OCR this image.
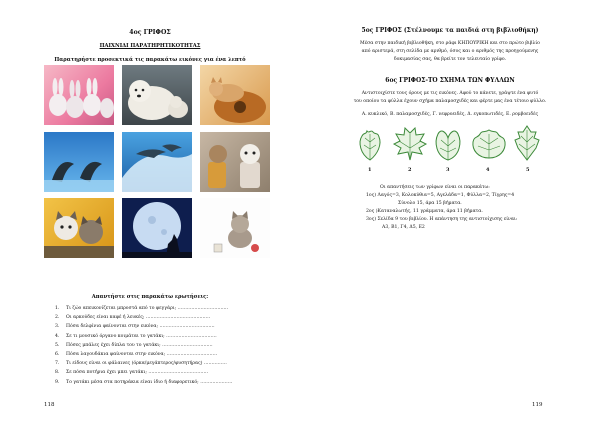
4ος ΓΡΙΦΟΣ
ΠΑΙΧΝΙΔΙ ΠΑΡΑΤΗΡΗΤΙΚΟΤΗΤΑΣ
Παρατηρήστε προσεκτικά τις παρακάτω εικόνες για ένα λεπτό
Απαντήστε στις παρακάτω ερωτήσεις:
1. Τι ζώο απεικονίζεται μπροστά από το φεγγάρι; ……………………………
2. Οι αρκούδες είναι καφέ ή λευκές; ……………………………………
3. Πόσα δελφίνια φαίνονται στην εικόνα; ………………………………
4. Σε τι μουσικό όργανο κοιμάται το γατάκι; ……………………………
5. Πόσες μπάλες έχει δίπλα του το γατάκι; ……………………………
6. Πόσα λαγουδάκια φαίνονται στην εικόνα; ……………………………
7. Τι είδους είναι οι φάλαινες (όρκα/μεγάπτερος/φυσητήρας) ……………
8. Σε πόσα ποτήρια έχει μπει γατάκι; …………………………………
9. Το γατάκι μέσα στα ποτηράκια είναι ίδιο ή διαφορετικό; …………………
118
5ος ΓΡΙΦΟΣ (Στέλνουμε τα παιδιά στη βιβλιοθήκη)
Μέσα στην παιδική βιβλιοθήκη, στο ράφι ΚΗΠΟΥΡΙΚΗ και στο πρώτο βιβλίο
από αριστερά, στη σελίδα με αριθμό, όσος και ο αριθμός της προηγούμενης
δοκιμασίας σας, θα βρείτε τον τελευταίο γρίφο.
6ος ΓΡΙΦΟΣ-ΤΟ ΣΧΗΜΑ ΤΩΝ ΦΥΛΛΩΝ
Αντιστοιχίστε τους όρους με τις εικόνες. Αφού το κάνετε, γράψτε ένα φυτό
του οποίου τα φύλλα έχουν σχήμα παλαμοσχιδές και φέρτε μας ένα τέτοιο φύλλο.
Α. κυκλικό, Β. παλαμοσχιδές, Γ. νεφροειδές, Δ. εγκοπωτιδές, Ε. ρομβοειδές
1	2	3	4	5
Οι απαντήσεις των γρίφων είναι οι παρακάτω:
1ος) Λαγός=3, Κολοκύθια=5, Αγελάδα=1, Φύλλα=2, Τίγρης=4
Σύνολο 15, άρα 15 βήματα.
2ος )Καταναλωτής, 11 γράμματα, άρα 11 βήματα.
3ος) Σελίδα 9 του βιβλίου. Η απάντηση της αντιστοίχισης είναι:
Α3, Β1, Γ4, Δ5, Ε2
119
